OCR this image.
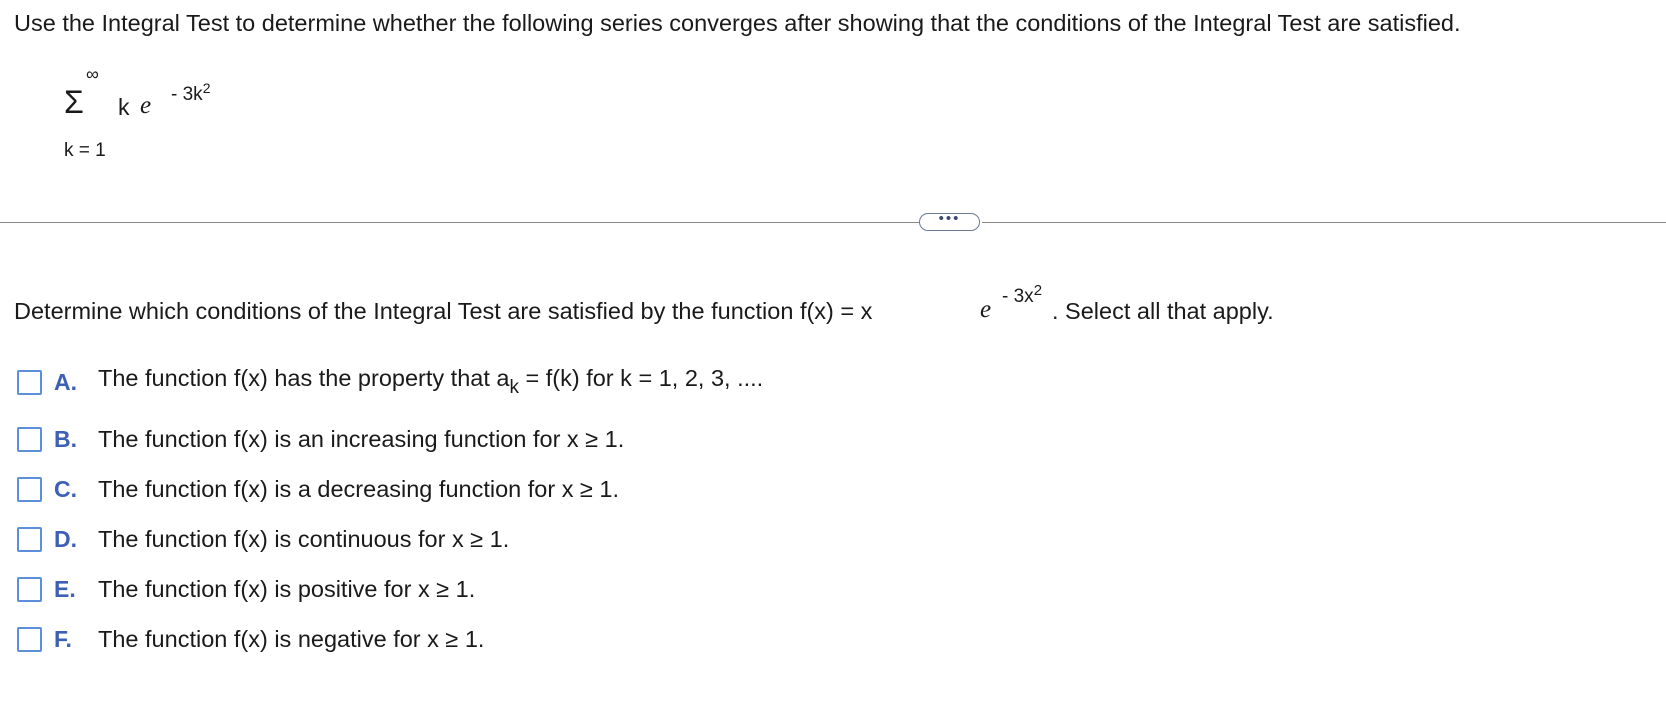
Use the Integral Test to determine whether the following series converges after showing that the conditions of the Integral Test are satisfied.
∞
Σ k e - $3k^2$
k = 1
•••
Determine which conditions of the Integral Test are satisfied by the function f(x) = x	e - $3x^2$
. Select all that apply.
A. The function f(x) has the property that $a_k = f(k)$ for k = 1, 2, 3, ....
B. The function f(x) is an increasing function for x ≥ 1.
C. The function f(x) is a decreasing function for x ≥ 1.
D. The function f(x) is continuous for x ≥ 1.
E. The function f(x) is positive for x ≥ 1.
F.	The function f(x) is negative for x ≥ 1.
